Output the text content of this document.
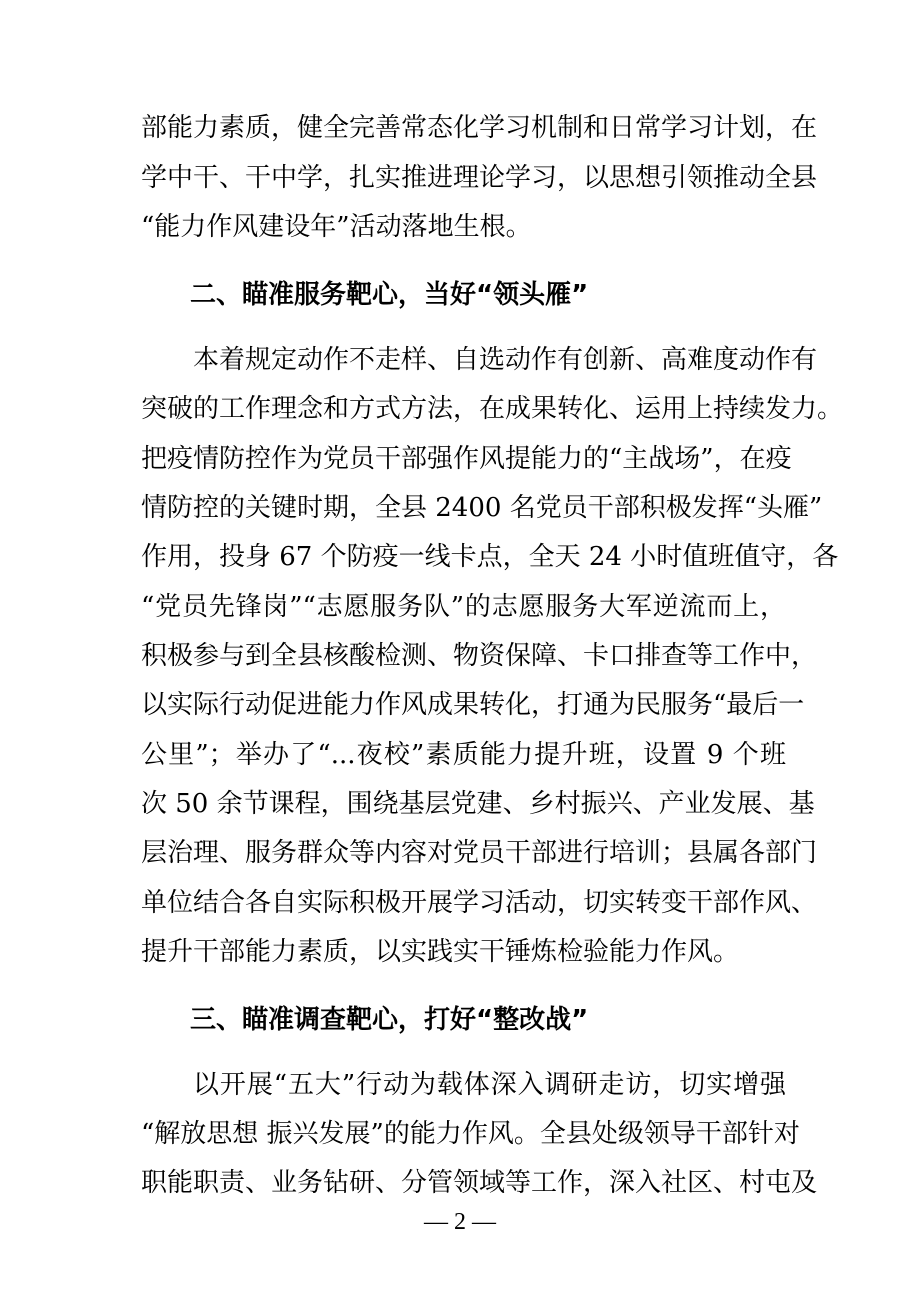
部能力素质，健全完善常态化学习机制和日常学习计划，在
学中干、干中学，扎实推进理论学习，以思想引领推动全县
“能力作风建设年”活动落地生根。
二、瞄准服务靶心，当好“领头雁”
本着规定动作不走样、自选动作有创新、高难度动作有
突破的工作理念和方式方法，在成果转化、运用上持续发力。
把疫情防控作为党员干部强作风提能力的“主战场”，在疫
情防控的关键时期，全县 2400 名党员干部积极发挥“头雁”
作用，投身 67 个防疫一线卡点，全天 24 小时值班值守，各
“党员先锋岗”“志愿服务队”的志愿服务大军逆流而上，
积极参与到全县核酸检测、物资保障、卡口排查等工作中，
以实际行动促进能力作风成果转化，打通为民服务“最后一
公里”；举办了“...夜校”素质能力提升班，设置 9 个班
次 50 余节课程，围绕基层党建、乡村振兴、产业发展、基
层治理、服务群众等内容对党员干部进行培训；县属各部门
单位结合各自实际积极开展学习活动，切实转变干部作风、
提升干部能力素质，以实践实干锤炼检验能力作风。
三、瞄准调查靶心，打好“整改战”
以开展“五大”行动为载体深入调研走访，切实增强
“解放思想 振兴发展”的能力作风。全县处级领导干部针对
职能职责、业务钻研、分管领域等工作，深入社区、村屯及
— 2 —
